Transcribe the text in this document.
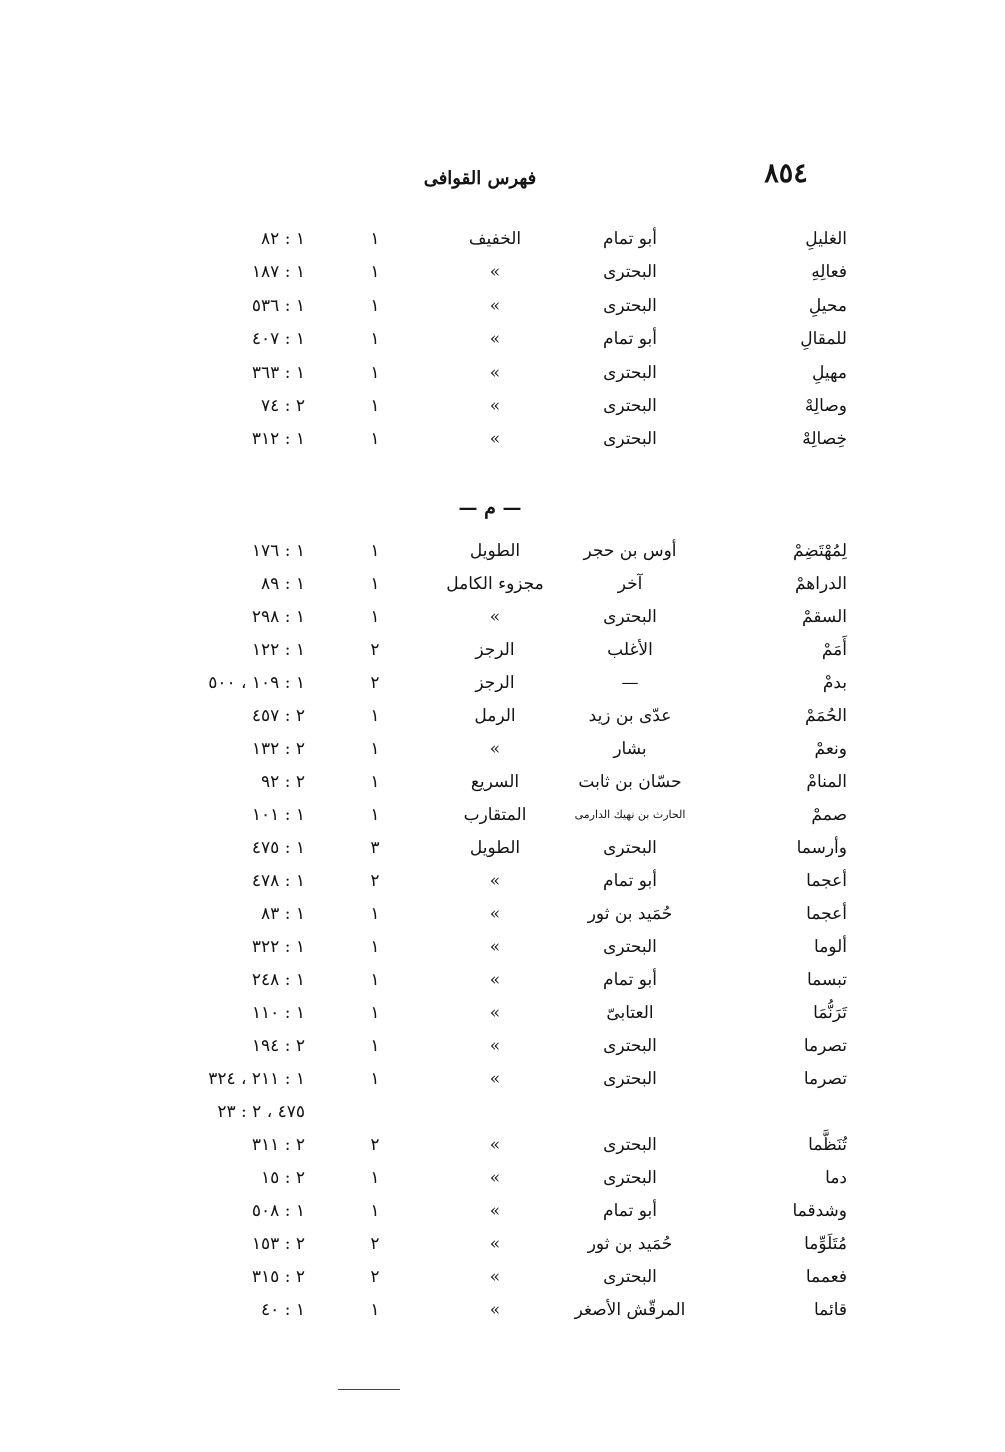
٨٥٤
فهرس القوافى
الغليلِ
أبو تمام
الخفيف
١
١ : ٨٢
فعالِهِ
البحترى
»
١
١ : ١٨٧
محيلِ
البحترى
»
١
١ : ٥٣٦
للمقالِ
أبو تمام
»
١
١ : ٤٠٧
مهيلِ
البحترى
»
١
١ : ٣٦٣
وصالِهْ
البحترى
»
١
٢ : ٧٤
خِصالِهْ
البحترى
»
١
١ : ٣١٢
— م —
لِمُهْتَضِمْ
أوس بن حجر
الطويل
١
١ : ١٧٦
الدراهمْ
آخر
مجزوء الكامل
١
١ : ٨٩
السقمْ
البحترى
»
١
١ : ٢٩٨
أَمَمْ
الأغلب
الرجز
٢
١ : ١٢٢
بدمْ
—
الرجز
٢
١ : ١٠٩ ، ٥٠٠
الحُمَمْ
عدّى بن زيد
الرمل
١
٢ : ٤٥٧
ونعمْ
بشار
»
١
٢ : ١٣٢
المنامْ
حسّان بن ثابت
السريع
١
٢ : ٩٢
صممْ
الحارث بن نهيك الدارمى
المتقارب
١
١ : ١٠١
وأرسما
البحترى
الطويل
٣
١ : ٤٧٥
أعجما
أبو تمام
»
٢
١ : ٤٧٨
أعجما
حُمَيد بن ثور
»
١
١ : ٨٣
ألوما
البحترى
»
١
١ : ٣٢٢
تبسما
أبو تمام
»
١
١ : ٢٤٨
تَرَنُّمَا
العتابىّ
»
١
١ : ١١٠
تصرما
البحترى
»
١
٢ : ١٩٤
تصرما
البحترى
»
١
١ : ٢١١ ، ٣٢٤
٤٧٥ ، ٢ : ٢٣
تُنَظَّما
البحترى
»
٢
٢ : ٣١١
دما
البحترى
»
١
٢ : ١٥
وشدقما
أبو تمام
»
١
١ : ٥٠٨
مُتَلَوِّما
حُمَيد بن ثور
»
٢
٢ : ١٥٣
فعمما
البحترى
»
٢
٢ : ٣١٥
قائما
المرقّش الأصغر
»
١
١ : ٤٠
